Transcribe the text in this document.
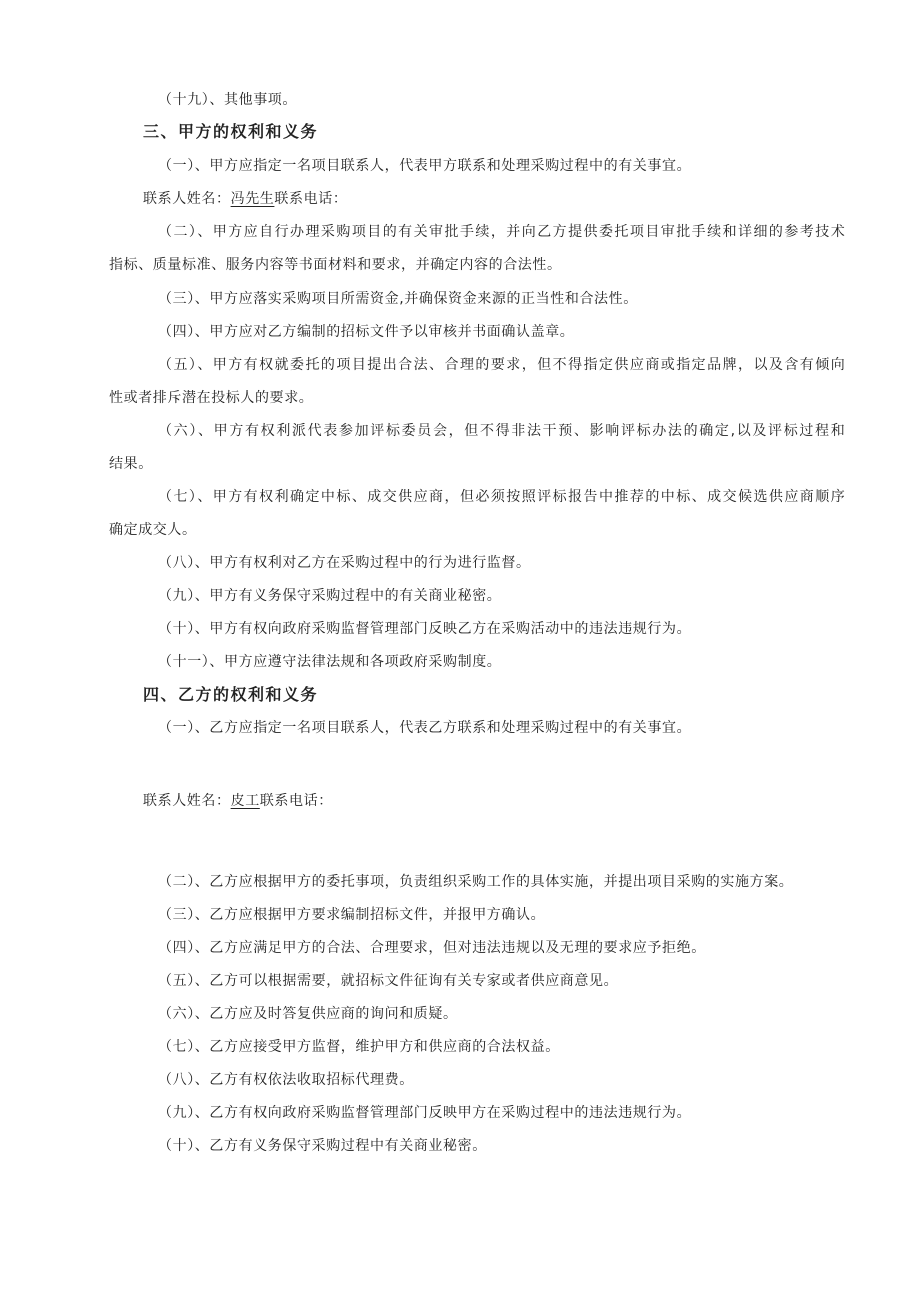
（十九）、其他事项。
三、甲方的权利和义务
（一）、甲方应指定一名项目联系人，代表甲方联系和处理采购过程中的有关事宜。
联系人姓名：冯先生联系电话：
（二）、甲方应自行办理采购项目的有关审批手续，并向乙方提供委托项目审批手续和详细的参考技术
指标、质量标准、服务内容等书面材料和要求，并确定内容的合法性。
（三）、甲方应落实采购项目所需资金,并确保资金来源的正当性和合法性。
（四）、甲方应对乙方编制的招标文件予以审核并书面确认盖章。
（五）、甲方有权就委托的项目提出合法、合理的要求，但不得指定供应商或指定品牌，以及含有倾向
性或者排斥潜在投标人的要求。
（六）、甲方有权利派代表参加评标委员会，但不得非法干预、影响评标办法的确定,以及评标过程和
结果。
（七）、甲方有权利确定中标、成交供应商，但必须按照评标报告中推荐的中标、成交候选供应商顺序
确定成交人。
（八）、甲方有权利对乙方在采购过程中的行为进行监督。
（九）、甲方有义务保守采购过程中的有关商业秘密。
（十）、甲方有权向政府采购监督管理部门反映乙方在采购活动中的违法违规行为。
（十一）、甲方应遵守法律法规和各项政府采购制度。
四、乙方的权利和义务
（一）、乙方应指定一名项目联系人，代表乙方联系和处理采购过程中的有关事宜。
联系人姓名：皮工联系电话：
（二）、乙方应根据甲方的委托事项，负责组织采购工作的具体实施，并提出项目采购的实施方案。
（三）、乙方应根据甲方要求编制招标文件，并报甲方确认。
（四）、乙方应满足甲方的合法、合理要求，但对违法违规以及无理的要求应予拒绝。
（五）、乙方可以根据需要，就招标文件征询有关专家或者供应商意见。
（六）、乙方应及时答复供应商的询问和质疑。
（七）、乙方应接受甲方监督，维护甲方和供应商的合法权益。
（八）、乙方有权依法收取招标代理费。
（九）、乙方有权向政府采购监督管理部门反映甲方在采购过程中的违法违规行为。
（十）、乙方有义务保守采购过程中有关商业秘密。
